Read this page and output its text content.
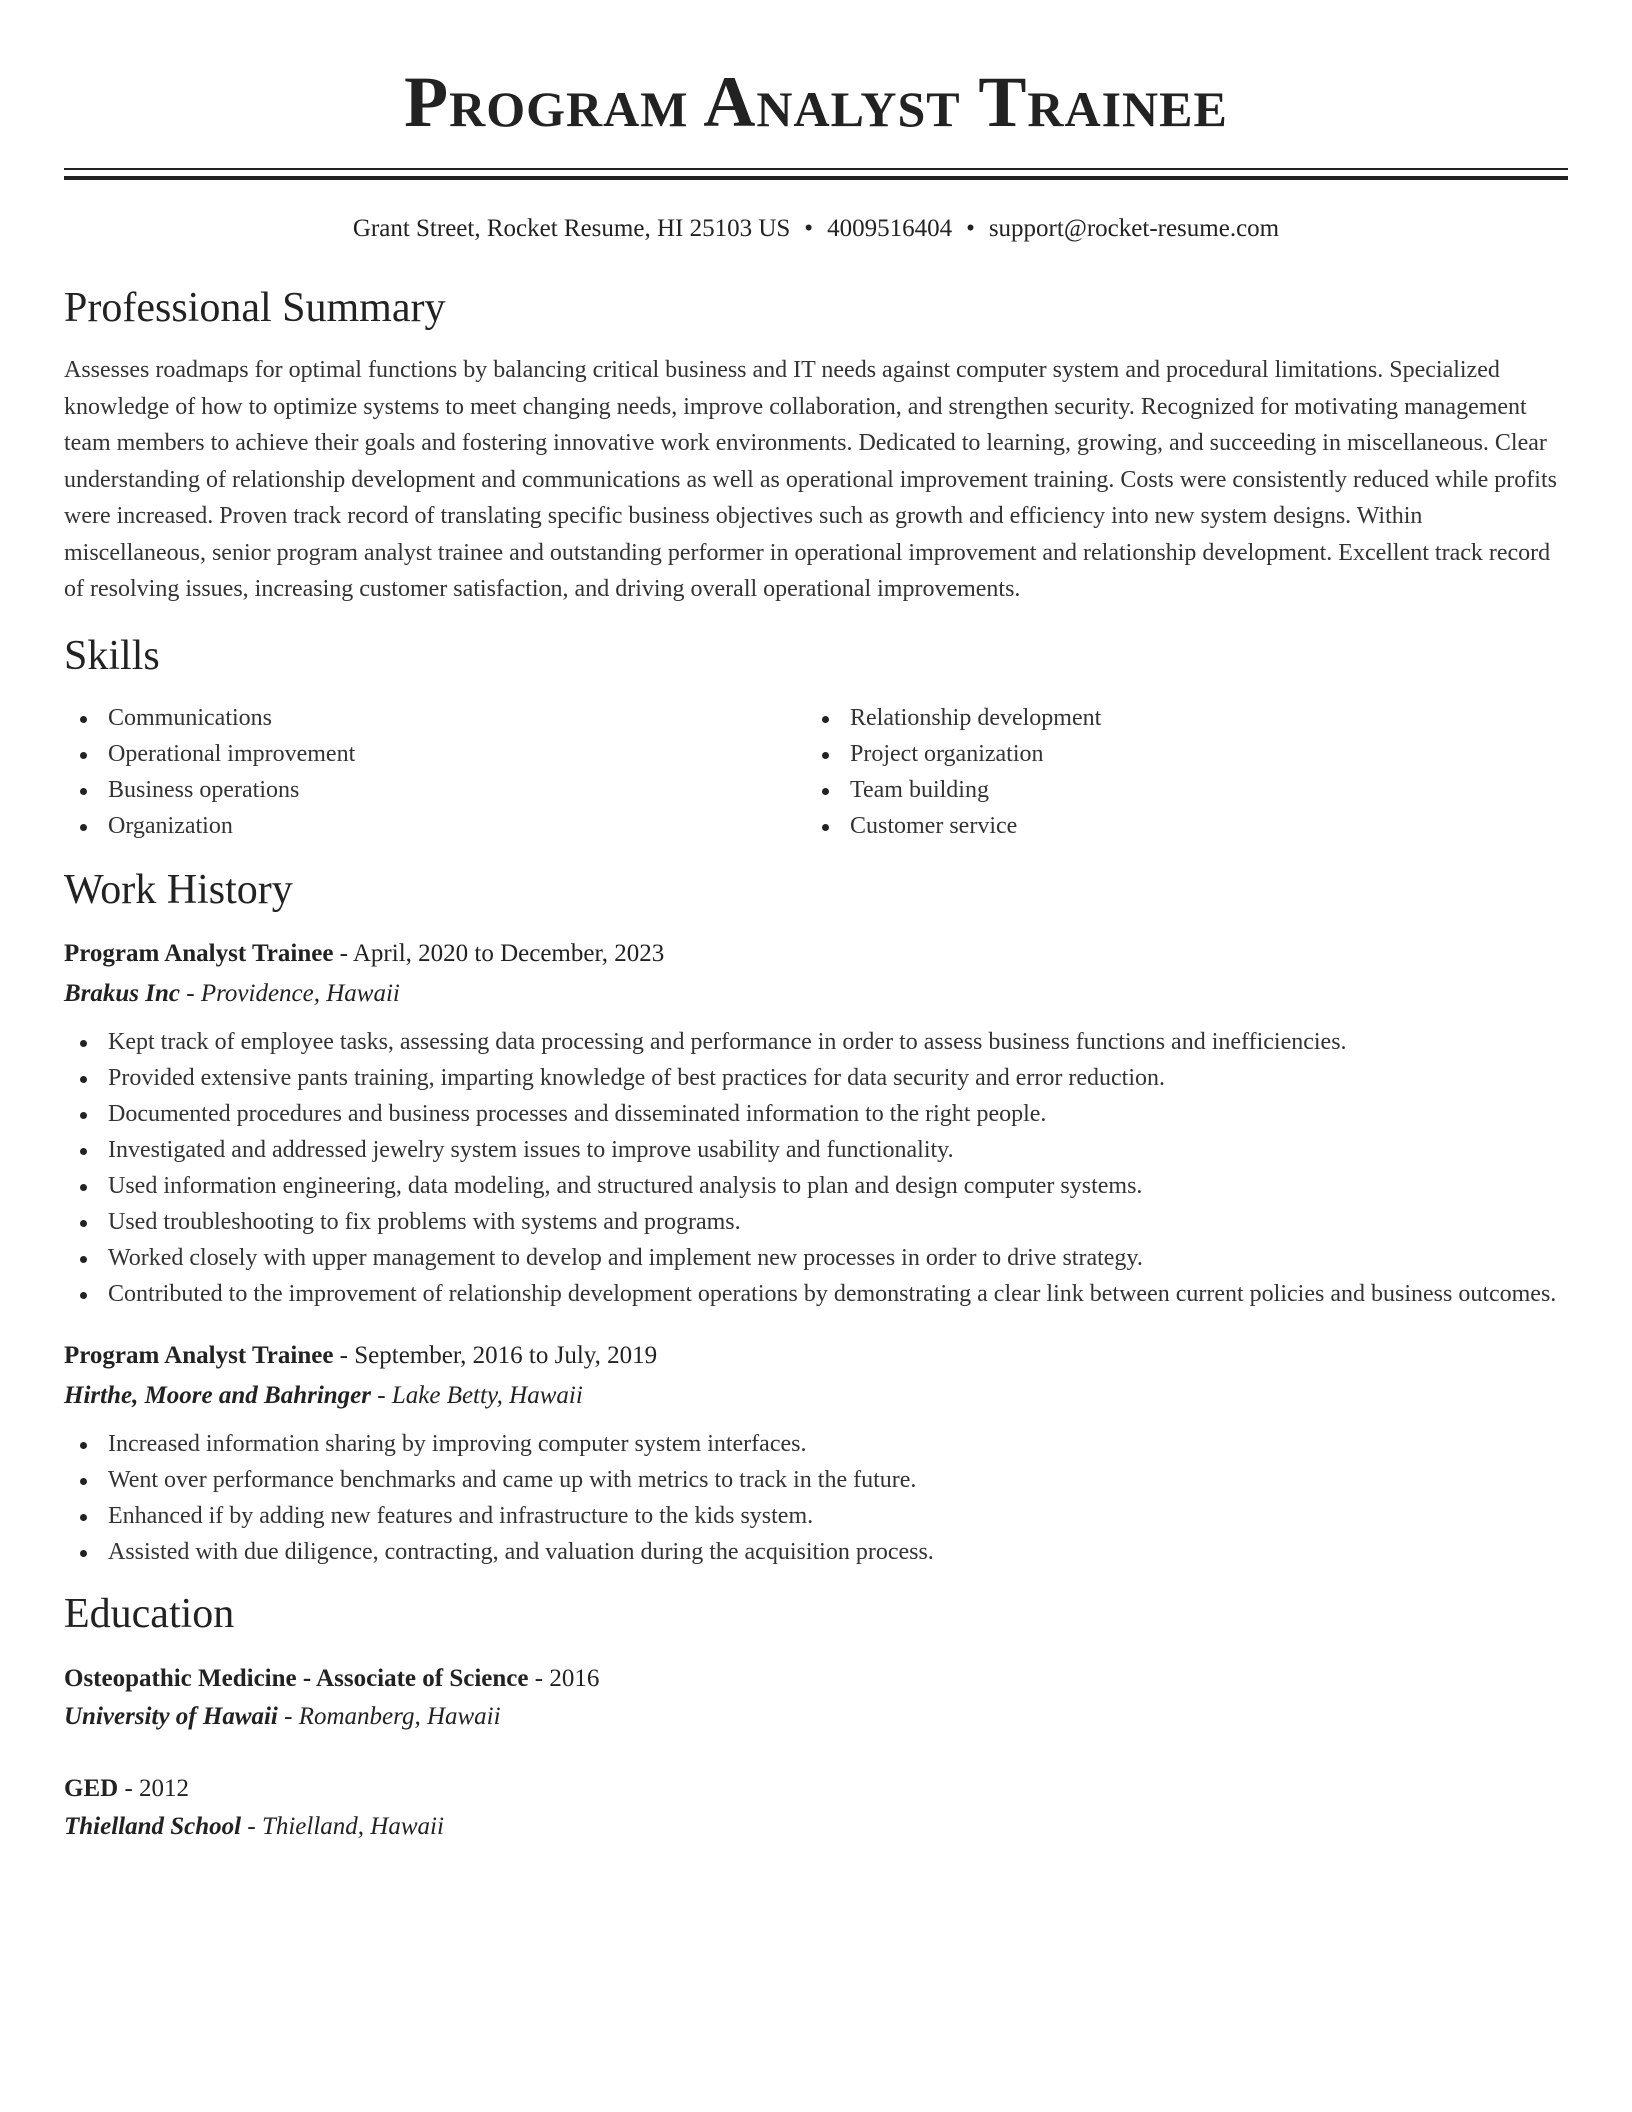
Program Analyst Trainee
Grant Street, Rocket Resume, HI 25103 US • 4009516404 • support@rocket-resume.com
Professional Summary

Assesses roadmaps for optimal functions by balancing critical business and IT needs against computer system and procedural limitations. Specialized knowledge of how to optimize systems to meet changing needs, improve collaboration, and strengthen security. Recognized for motivating management team members to achieve their goals and fostering innovative work environments. Dedicated to learning, growing, and succeeding in miscellaneous. Clear understanding of relationship development and communications as well as operational improvement training. Costs were consistently reduced while profits were increased. Proven track record of translating specific business objectives such as growth and efficiency into new system designs. Within miscellaneous, senior program analyst trainee and outstanding performer in operational improvement and relationship development. Excellent track record of resolving issues, increasing customer satisfaction, and driving overall operational improvements.

Skills
Communications
Operational improvement
Business operations
Organization
Relationship development
Project organization
Team building
Customer service
Work History
Program Analyst Trainee - April, 2020 to December, 2023
Brakus Inc - Providence, Hawaii
Kept track of employee tasks, assessing data processing and performance in order to assess business functions and inefficiencies.
Provided extensive pants training, imparting knowledge of best practices for data security and error reduction.
Documented procedures and business processes and disseminated information to the right people.
Investigated and addressed jewelry system issues to improve usability and functionality.
Used information engineering, data modeling, and structured analysis to plan and design computer systems.
Used troubleshooting to fix problems with systems and programs.
Worked closely with upper management to develop and implement new processes in order to drive strategy.
Contributed to the improvement of relationship development operations by demonstrating a clear link between current policies and business outcomes.
Program Analyst Trainee - September, 2016 to July, 2019
Hirthe, Moore and Bahringer - Lake Betty, Hawaii
Increased information sharing by improving computer system interfaces.
Went over performance benchmarks and came up with metrics to track in the future.
Enhanced if by adding new features and infrastructure to the kids system.
Assisted with due diligence, contracting, and valuation during the acquisition process.
Education
Osteopathic Medicine - Associate of Science - 2016
University of Hawaii - Romanberg, Hawaii
GED - 2012
Thielland School - Thielland, Hawaii
